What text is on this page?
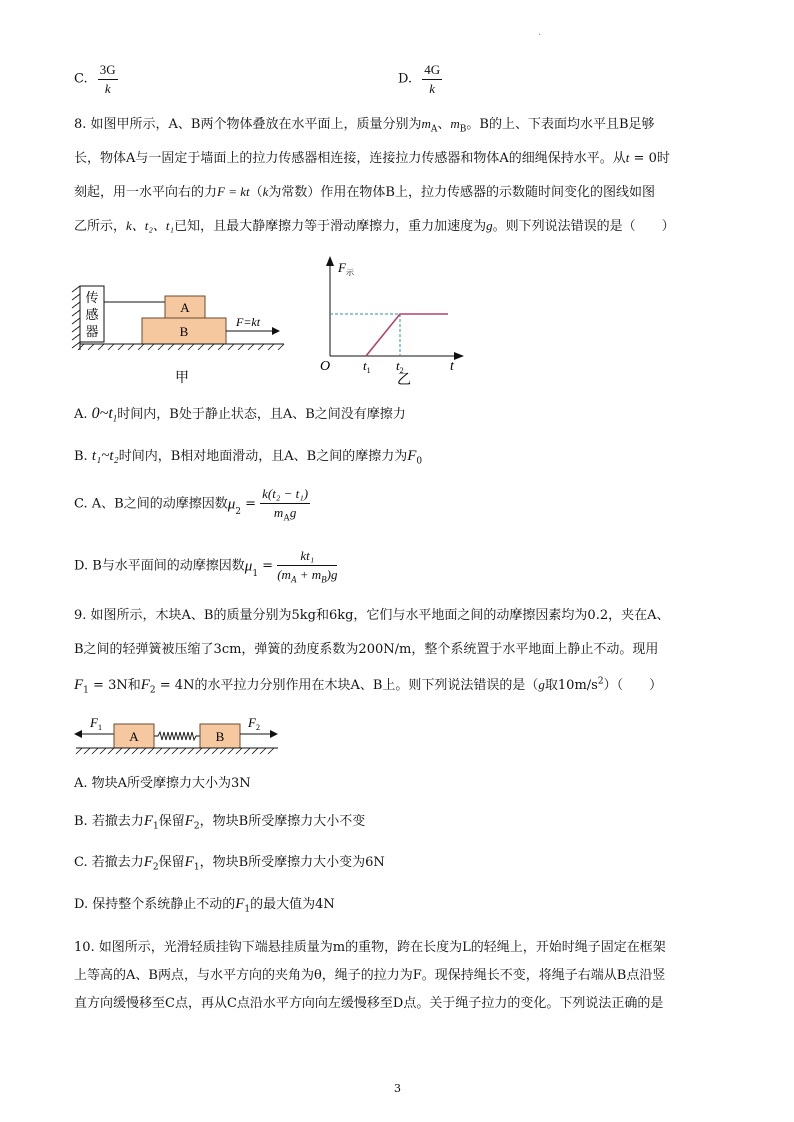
·
C. $\frac{3G}{k}$	D. $\frac{4G}{k}$
8. 如图甲所示，A、B两个物体叠放在水平面上，质量分别为$m_A$、$m_B$。B的上、下表面均水平且B足够
长，物体A与一固定于墙面上的拉力传感器相连接，连接拉力传感器和物体A的细绳保持水平。从t = 0时
刻起，用一水平向右的力F = kt（k为常数）作用在物体B上，拉力传感器的示数随时间变化的图线如图
乙所示，k、t₂、t₁已知，且最大静摩擦力等于滑动摩擦力，重力加速度为g。则下列说法错误的是（　　）
传
感
器
A
B
F=kt
甲
$F_示$
O	$t_1$ $t_2$	t
乙
A. $0\sim t_1$时间内，B处于静止状态，且A、B之间没有摩擦力
B. t₁~t₂时间内，B相对地面滑动，且A、B之间的摩擦力为$F_0$
C. A、B之间的动摩擦因数$\mu_2 = \frac{\text{k(t₂ − t₁)}}{m_Ag}$
D. B与水平面间的动摩擦因数$\mu_1 = \frac{\text{kt₁}}{(m_A + m_B)g}$
9. 如图所示，木块A、B的质量分别为5kg和6kg，它们与水平地面之间的动摩擦因素均为0.2，夹在A、
B之间的轻弹簧被压缩了3cm，弹簧的劲度系数为200N/m，整个系统置于水平地面上静止不动。现用
$F_1 = 3N$和$F_2 = 4N$的水平拉力分别作用在木块A、B上。则下列说法错误的是（g取$10m/s^2$）（　　）
$F_1$
A	B
$F_2$
A. 物块A所受摩擦力大小为3N
B. 若撤去力$F_1$保留$F_2$，物块B所受摩擦力大小不变
C. 若撤去力$F_2$保留$F_1$，物块B所受摩擦力大小变为6N
D. 保持整个系统静止不动的$F_1$的最大值为4N
10. 如图所示，光滑轻质挂钩下端悬挂质量为m的重物，跨在长度为L的轻绳上，开始时绳子固定在框架
上等高的A、B两点，与水平方向的夹角为θ，绳子的拉力为F。现保持绳长不变，将绳子右端从B点沿竖
直方向缓慢移至C点，再从C点沿水平方向向左缓慢移至D点。关于绳子拉力的变化。下列说法正确的是
3
